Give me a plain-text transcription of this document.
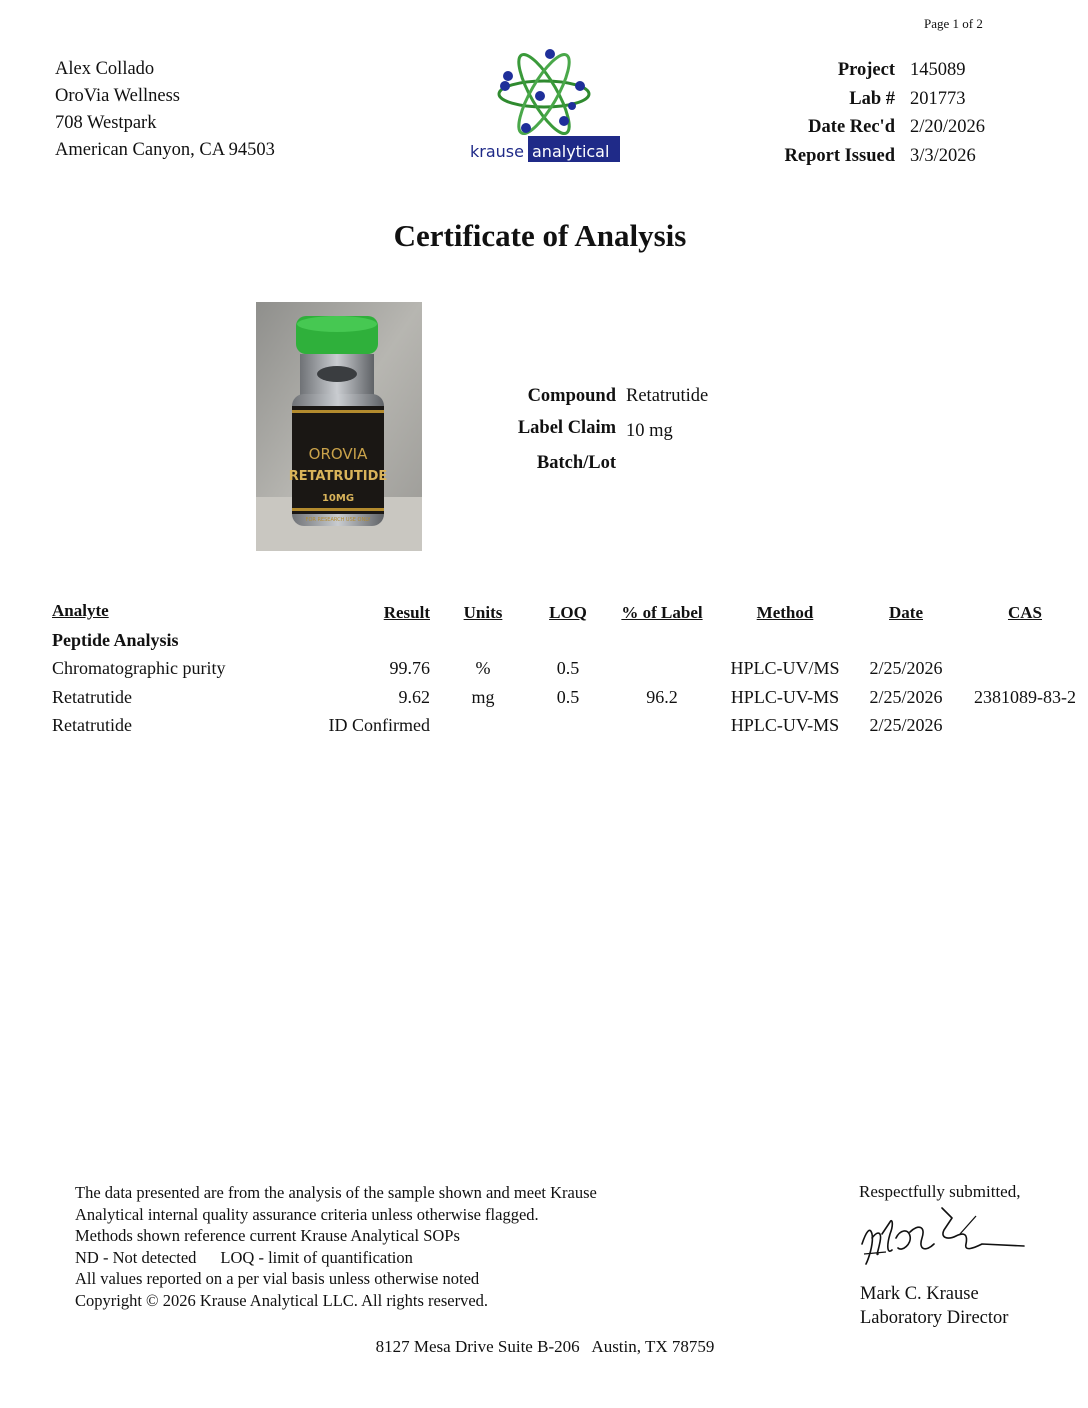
Page 1 of 2
Alex Collado
OroVia Wellness
708 Westpark
American Canyon, CA 94503	krause analytical
Project 145089
Lab # 201773
Date Rec'd 2/20/2026
Report Issued 3/3/2026
Certificate of Analysis
OROVIA
RETATRUTIDE
10MG
FOR RESEARCH USE ONLY
Compound Retatrutide
Label Claim 10 mg
Batch/Lot
Analyte	Result	Units	LOQ	% of Label	Method	Date	CAS
Peptide Analysis							
Chromatographic purity	99.76	%	0.5		HPLC-UV/MS	2/25/2026	
Retatrutide	9.62	mg	0.5	96.2	HPLC-UV-MS	2/25/2026	2381089-83-2
Retatrutide	ID Confirmed				HPLC-UV-MS	2/25/2026	
The data presented are from the analysis of the sample shown and meet Krause
Analytical internal quality assurance criteria unless otherwise flagged.
Methods shown reference current Krause Analytical SOPs
ND - Not detected LOQ - limit of quantification
All values reported on a per vial basis unless otherwise noted
Copyright © 2026 Krause Analytical LLC. All rights reserved.
Respectfully submitted,
Mark C. Krause
Laboratory Director
8127 Mesa Drive Suite B-206   Austin, TX 78759
